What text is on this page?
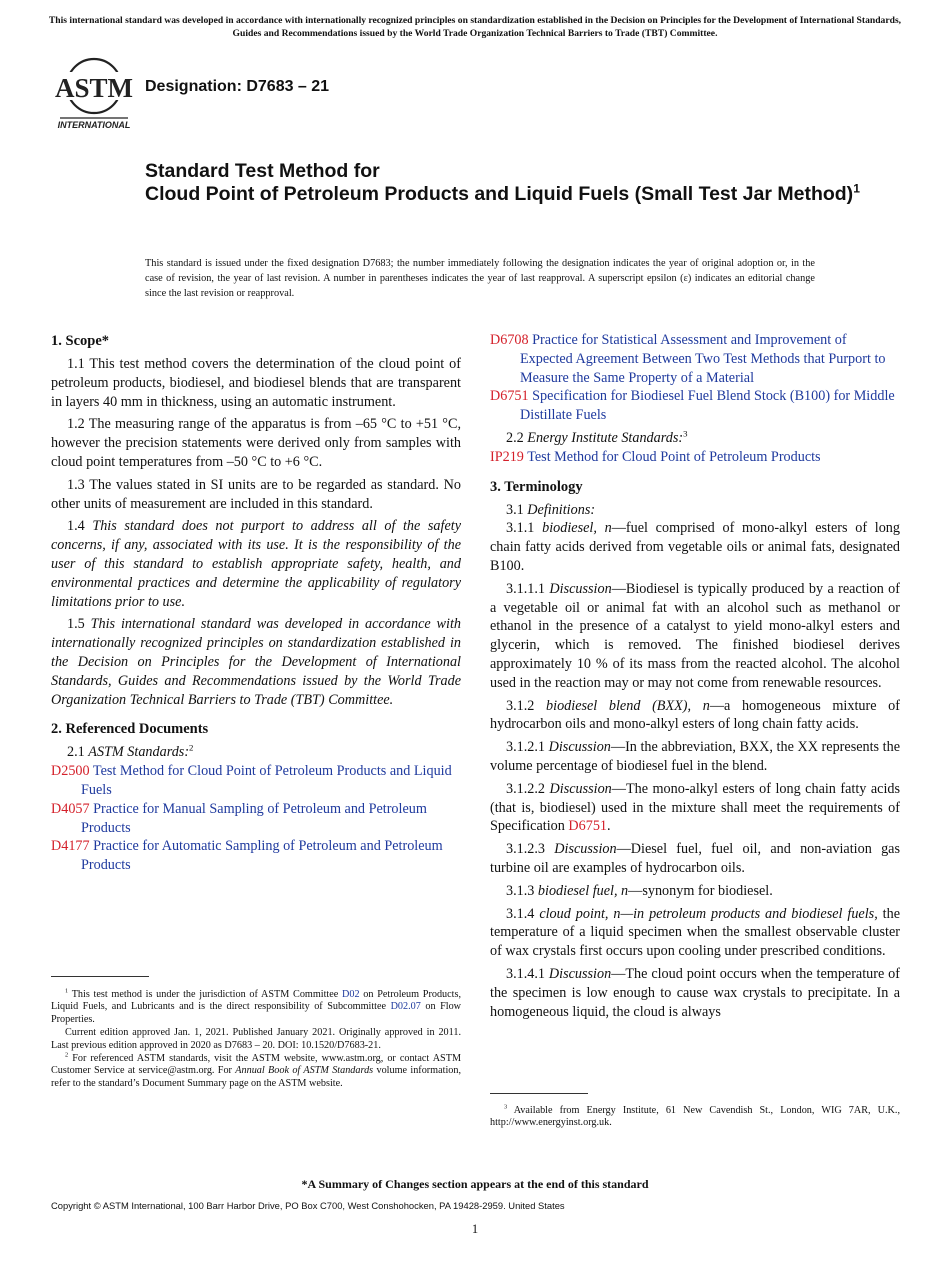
This international standard was developed in accordance with internationally recognized principles on standardization established in the Decision on Principles for the Development of International Standards, Guides and Recommendations issued by the World Trade Organization Technical Barriers to Trade (TBT) Committee.
ASTM
INTERNATIONAL
Designation: D7683 – 21
Standard Test Method for
Cloud Point of Petroleum Products and Liquid Fuels (Small Test Jar Method)$^1$
This standard is issued under the fixed designation D7683; the number immediately following the designation indicates the year of original adoption or, in the case of revision, the year of last revision. A number in parentheses indicates the year of last reapproval. A superscript epsilon (ε) indicates an editorial change since the last revision or reapproval.
1. Scope*

1.1 This test method covers the determination of the cloud point of petroleum products, biodiesel, and biodiesel blends that are transparent in layers 40 mm in thickness, using an automatic instrument.

1.2 The measuring range of the apparatus is from –65 °C to +51 °C, however the precision statements were derived only from samples with cloud point temperatures from –50 °C to +6 °C.

1.3 The values stated in SI units are to be regarded as standard. No other units of measurement are included in this standard.

1.4 This standard does not purport to address all of the safety concerns, if any, associated with its use. It is the responsibility of the user of this standard to establish appropriate safety, health, and environmental practices and determine the applicability of regulatory limitations prior to use.

1.5 This international standard was developed in accordance with internationally recognized principles on standardization established in the Decision on Principles for the Development of International Standards, Guides and Recommendations issued by the World Trade Organization Technical Barriers to Trade (TBT) Committee.

2. Referenced Documents

2.1 ASTM Standards:$^2$

D2500 Test Method for Cloud Point of Petroleum Products and Liquid Fuels
D4057 Practice for Manual Sampling of Petroleum and Petroleum Products
D4177 Practice for Automatic Sampling of Petroleum and Petroleum Products

$^1$ This test method is under the jurisdiction of ASTM Committee D02 on Petroleum Products, Liquid Fuels, and Lubricants and is the direct responsibility of Subcommittee D02.07 on Flow Properties.

Current edition approved Jan. 1, 2021. Published January 2021. Originally approved in 2011. Last previous edition approved in 2020 as D7683 – 20. DOI: 10.1520/D7683-21.

$^2$ For referenced ASTM standards, visit the ASTM website, www.astm.org, or contact ASTM Customer Service at service@astm.org. For Annual Book of ASTM Standards volume information, refer to the standard’s Document Summary page on the ASTM website.

D6708 Practice for Statistical Assessment and Improvement of Expected Agreement Between Two Test Methods that Purport to Measure the Same Property of a Material
D6751 Specification for Biodiesel Fuel Blend Stock (B100) for Middle Distillate Fuels

2.2 Energy Institute Standards:$^3$

IP219 Test Method for Cloud Point of Petroleum Products
3. Terminology

3.1 Definitions:

3.1.1 biodiesel, n—fuel comprised of mono-alkyl esters of long chain fatty acids derived from vegetable oils or animal fats, designated B100.

3.1.1.1 Discussion—Biodiesel is typically produced by a reaction of a vegetable oil or animal fat with an alcohol such as methanol or ethanol in the presence of a catalyst to yield mono-alkyl esters and glycerin, which is removed. The finished biodiesel derives approximately 10 % of its mass from the reacted alcohol. The alcohol used in the reaction may or may not come from renewable resources.

3.1.2 biodiesel blend (BXX), n—a homogeneous mixture of hydrocarbon oils and mono-alkyl esters of long chain fatty acids.

3.1.2.1 Discussion—In the abbreviation, BXX, the XX represents the volume percentage of biodiesel fuel in the blend.

3.1.2.2 Discussion—The mono-alkyl esters of long chain fatty acids (that is, biodiesel) used in the mixture shall meet the requirements of Specification D6751.

3.1.2.3 Discussion—Diesel fuel, fuel oil, and non-aviation gas turbine oil are examples of hydrocarbon oils.

3.1.3 biodiesel fuel, n—synonym for biodiesel.

3.1.4 cloud point, n—in petroleum products and biodiesel fuels, the temperature of a liquid specimen when the smallest observable cluster of wax crystals first occurs upon cooling under prescribed conditions.

3.1.4.1 Discussion—The cloud point occurs when the temperature of the specimen is low enough to cause wax crystals to precipitate. In a homogeneous liquid, the cloud is always

$^3$ Available from Energy Institute, 61 New Cavendish St., London, WIG 7AR, U.K., http://www.energyinst.org.uk.

*A Summary of Changes section appears at the end of this standard
Copyright © ASTM International, 100 Barr Harbor Drive, PO Box C700, West Conshohocken, PA 19428-2959. United States
1
